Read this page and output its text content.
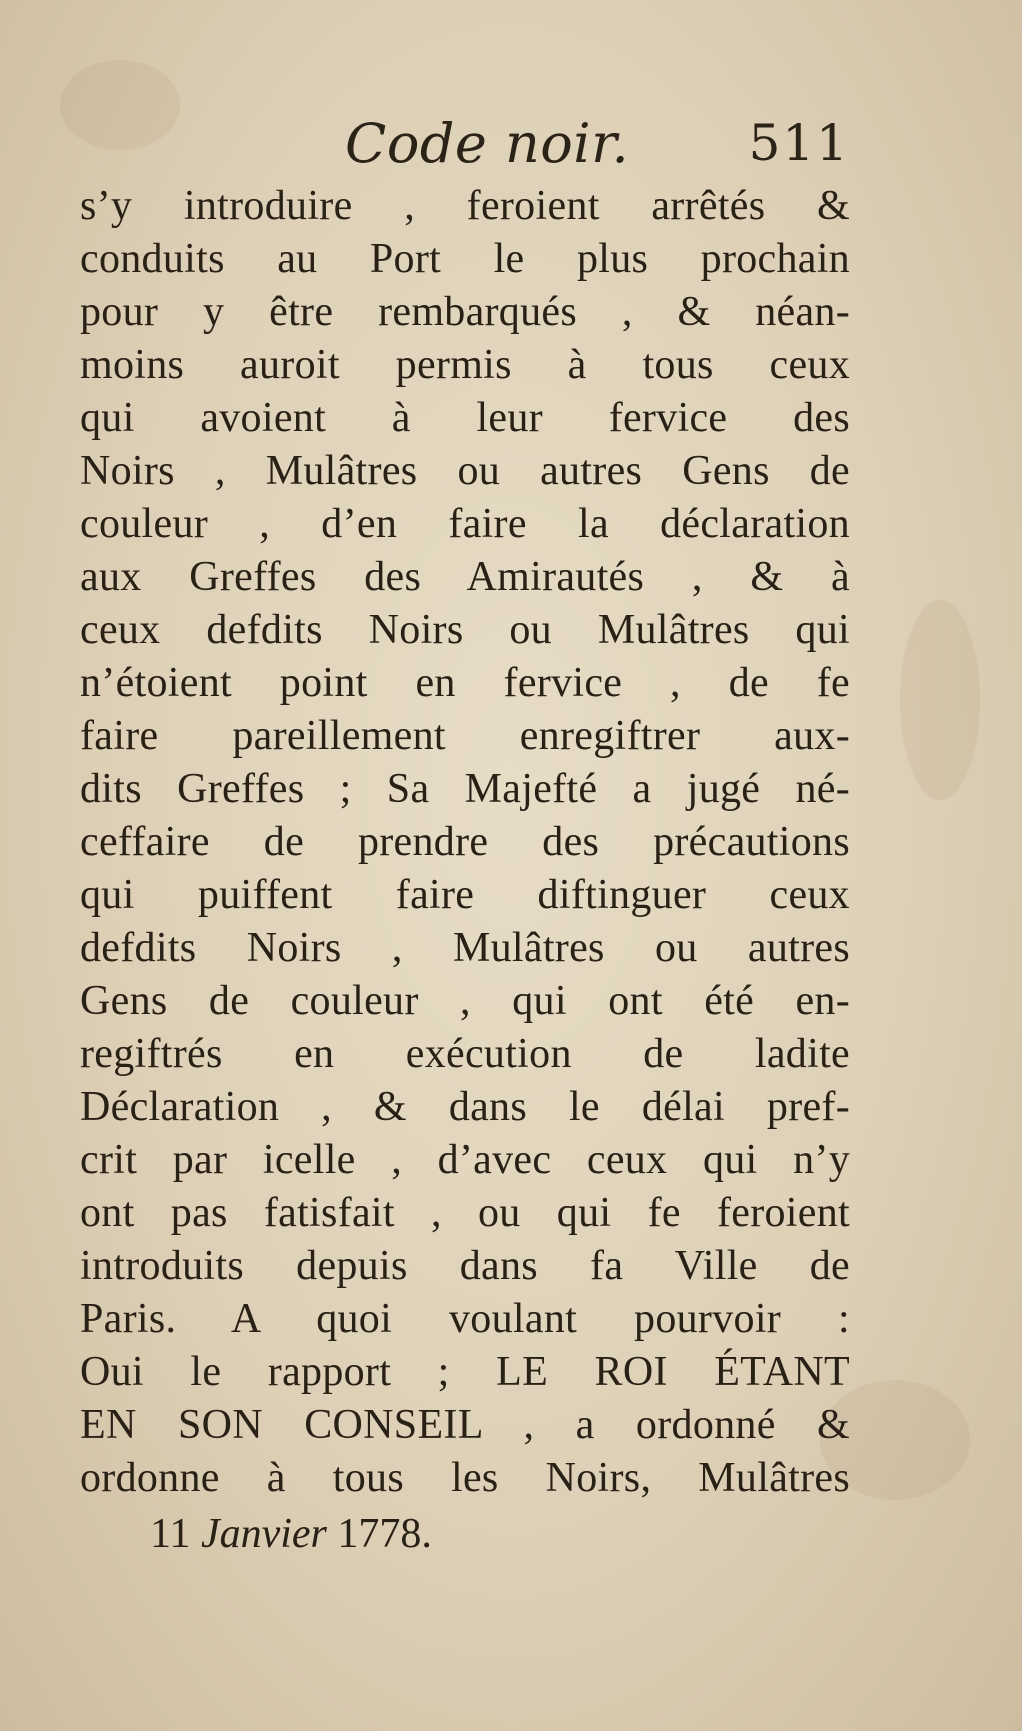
Code noir. 511
s’y introduire , feroient arrêtés &
conduits au Port le plus prochain
pour y être rembarqués , & néan-
moins auroit permis à tous ceux
qui avoient à leur fervice des
Noirs , Mulâtres ou autres Gens de
couleur , d’en faire la déclaration
aux Greffes des Amirautés , & à
ceux defdits Noirs ou Mulâtres qui
n’étoient point en fervice , de fe
faire pareillement enregiftrer aux-
dits Greffes ; Sa Majefté a jugé né-
ceffaire de prendre des précautions
qui puiffent faire diftinguer ceux
defdits Noirs , Mulâtres ou autres
Gens de couleur , qui ont été en-
regiftrés en exécution de ladite
Déclaration , & dans le délai pref-
crit par icelle , d’avec ceux qui n’y
ont pas fatisfait , ou qui fe feroient
introduits depuis dans fa Ville de
Paris. A quoi voulant pourvoir :
Oui le rapport ; LE ROI ÉTANT
EN SON CONSEIL , a ordonné &
ordonne à tous les Noirs, Mulâtres
11 Janvier 1778.
